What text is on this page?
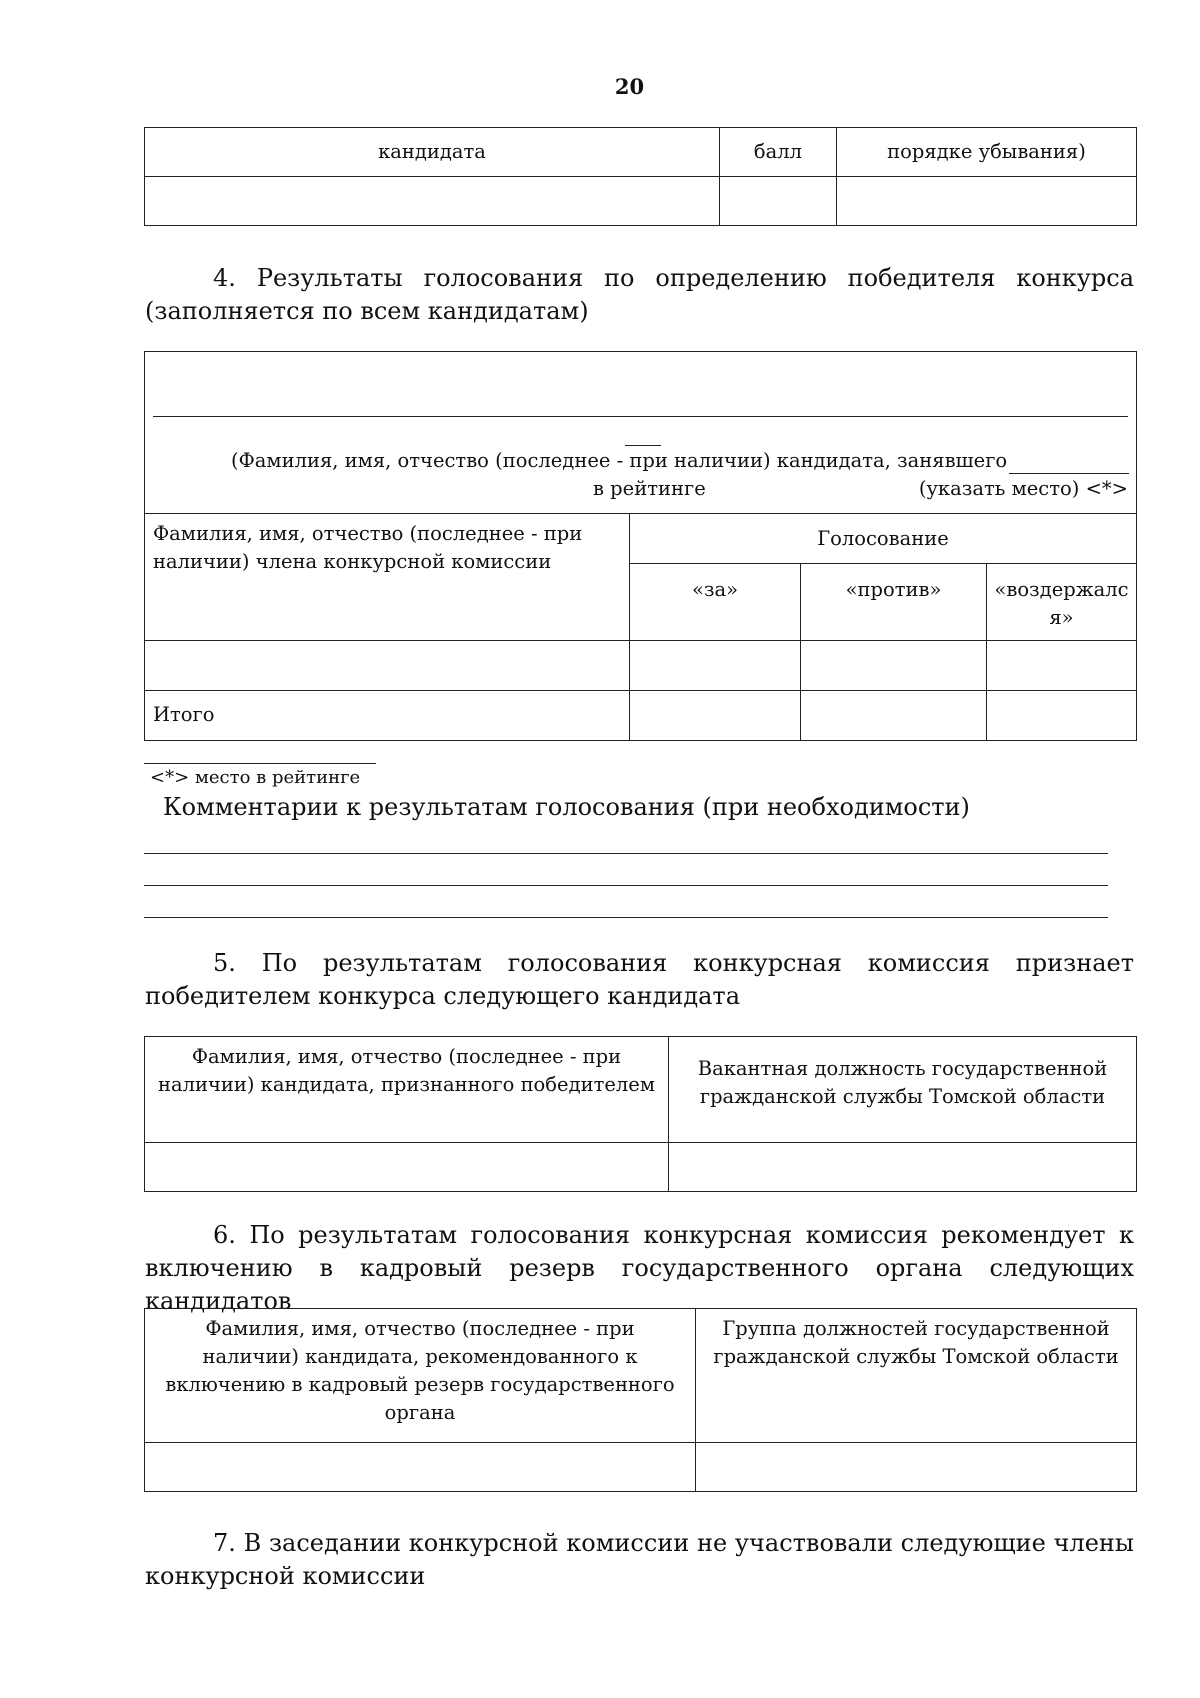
20
кандидата	балл	порядке убывания)

4. Результаты голосования по определению победителя конкурса (заполняется по всем кандидатам)
(Фамилия, имя, отчество (последнее - при наличии) кандидата, занявшего
в рейтинге	(указать место) <*>
Фамилия, имя, отчество (последнее - при наличии) члена конкурсной комиссии	Голосование		
	«за»	«против»	«воздержался»

Итого			
<*> место в рейтинге
Комментарии к результатам голосования (при необходимости)
5. По результатам голосования конкурсная комиссия признает победителем конкурса следующего кандидата
Фамилия, имя, отчество (последнее - при наличии) кандидата, признанного победителем	Вакантная должность государственной гражданской службы Томской области

6. По результатам голосования конкурсная комиссия рекомендует к включению в кадровый резерв государственного органа следующих кандидатов
Фамилия, имя, отчество (последнее - при наличии) кандидата, рекомендованного к включению в кадровый резерв государственного органа	Группа должностей государственной гражданской службы Томской области

7. В заседании конкурсной комиссии не участвовали следующие члены конкурсной комиссии
